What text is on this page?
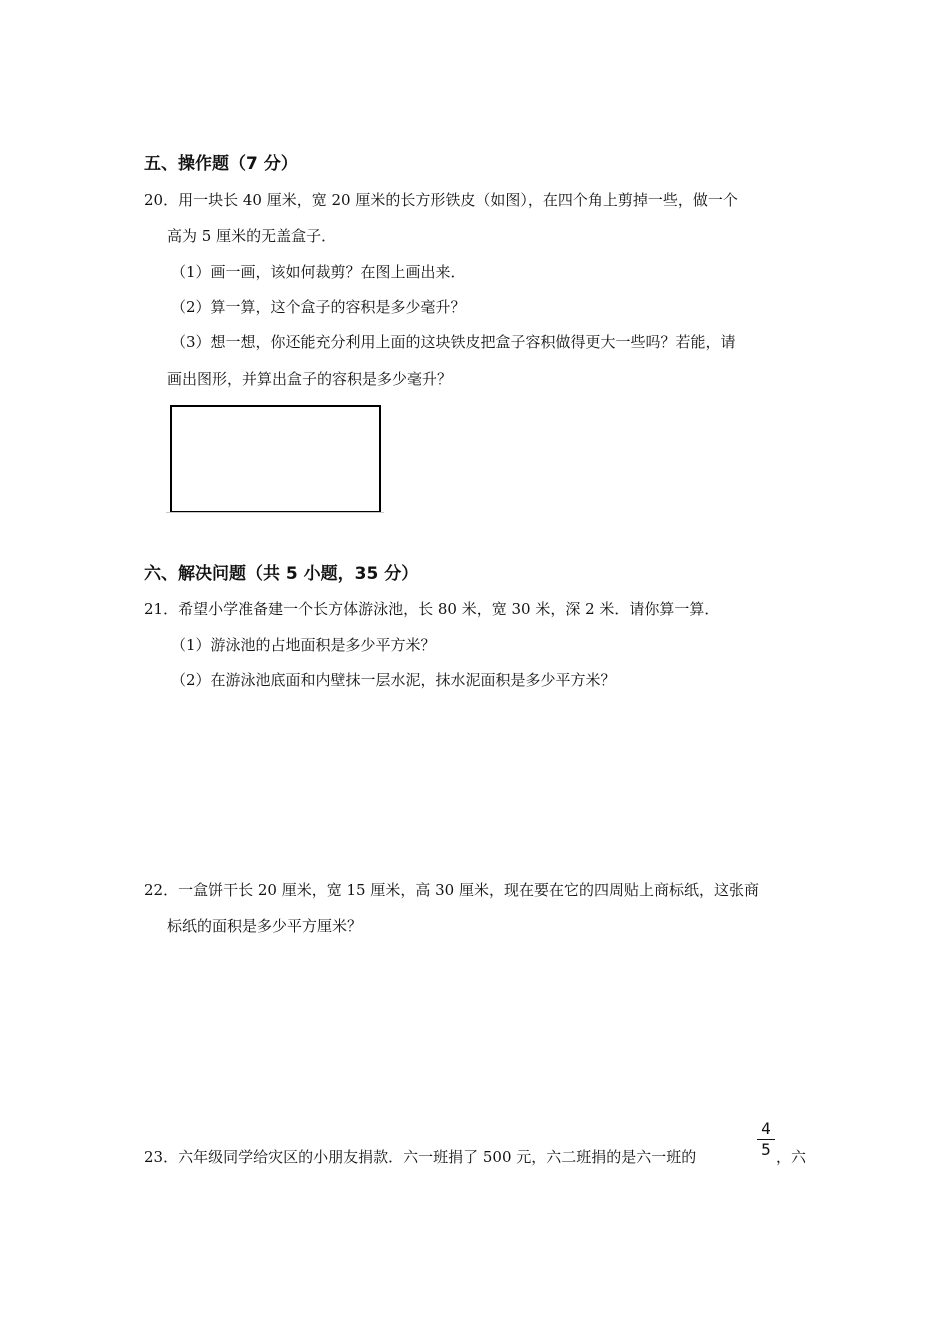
五、操作题（7 分）
20．用一块长 40 厘米，宽 20 厘米的长方形铁皮（如图），在四个角上剪掉一些，做一个
高为 5 厘米的无盖盒子．
（1）画一画，该如何裁剪？在图上画出来．
（2）算一算，这个盒子的容积是多少毫升？
（3）想一想，你还能充分利用上面的这块铁皮把盒子容积做得更大一些吗？若能，请
画出图形，并算出盒子的容积是多少毫升？
六、解决问题（共 5 小题，35 分）
21．希望小学准备建一个长方体游泳池，长 80 米，宽 30 米，深 2 米．请你算一算．
（1）游泳池的占地面积是多少平方米？
（2）在游泳池底面和内壁抹一层水泥，抹水泥面积是多少平方米？
22．一盒饼干长 20 厘米，宽 15 厘米，高 30 厘米，现在要在它的四周贴上商标纸，这张商
标纸的面积是多少平方厘米？
23．六年级同学给灾区的小朋友捐款．六一班捐了 500 元，六二班捐的是六一班的
4
5 ，六
